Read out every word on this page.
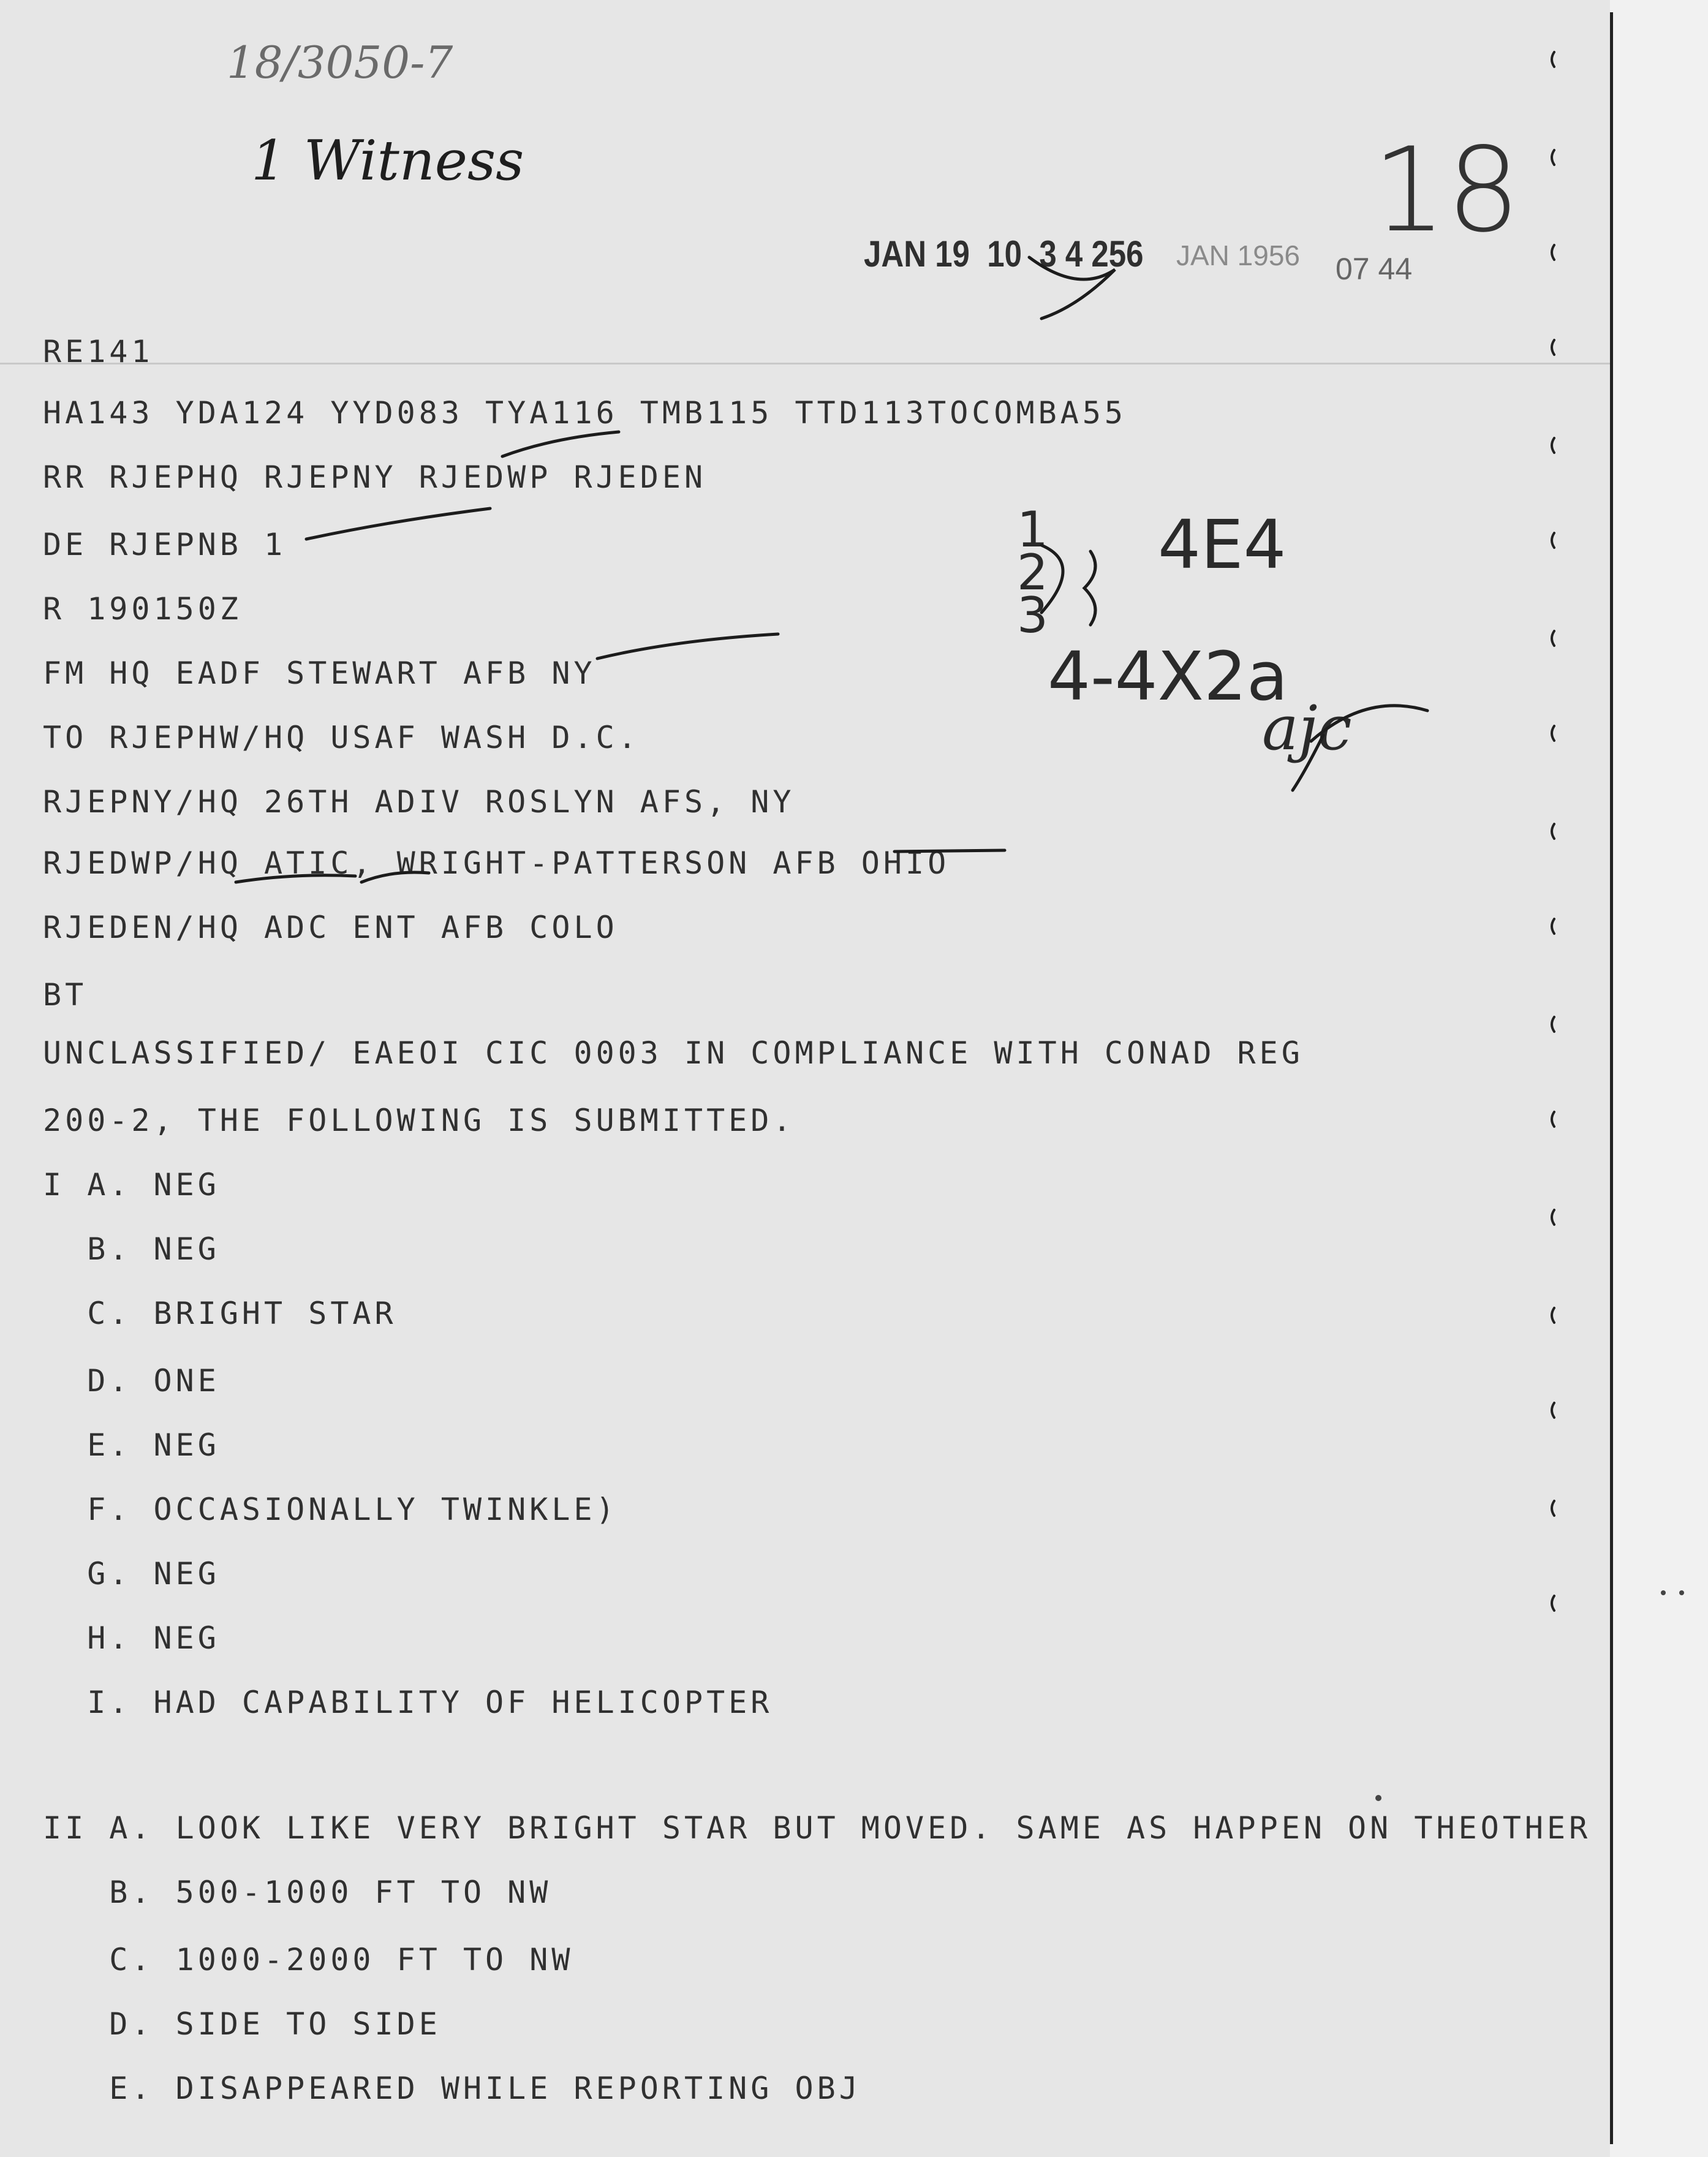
18/3050-7
1 Witness	18
4E4
4-4X2a
ajc
1
2
3
JAN 19  10  3 4 256 JAN 1956 07 44
RE141
HA143 YDA124 YYD083 TYA116 TMB115 TTD113TOCOMBA55
RR RJEPHQ RJEPNY RJEDWP RJEDEN
DE RJEPNB 1
R 190150Z
FM HQ EADF STEWART AFB NY
TO RJEPHW/HQ USAF WASH D.C.
RJEPNY/HQ 26TH ADIV ROSLYN AFS, NY
RJEDWP/HQ ATIC, WRIGHT-PATTERSON AFB OHIO
RJEDEN/HQ ADC ENT AFB COLO
BT
UNCLASSIFIED/ EAEOI CIC 0003 IN COMPLIANCE WITH CONAD REG
200-2, THE FOLLOWING IS SUBMITTED.
I A. NEG
B. NEG
C. BRIGHT STAR
D. ONE
E. NEG
F. OCCASIONALLY TWINKLE)
G. NEG
H. NEG
I. HAD CAPABILITY OF HELICOPTER
II A. LOOK LIKE VERY BRIGHT STAR BUT MOVED. SAME AS HAPPEN ON THEOTHER
B. 500-1000 FT TO NW
C. 1000-2000 FT TO NW
D. SIDE TO SIDE
E. DISAPPEARED WHILE REPORTING OBJ
